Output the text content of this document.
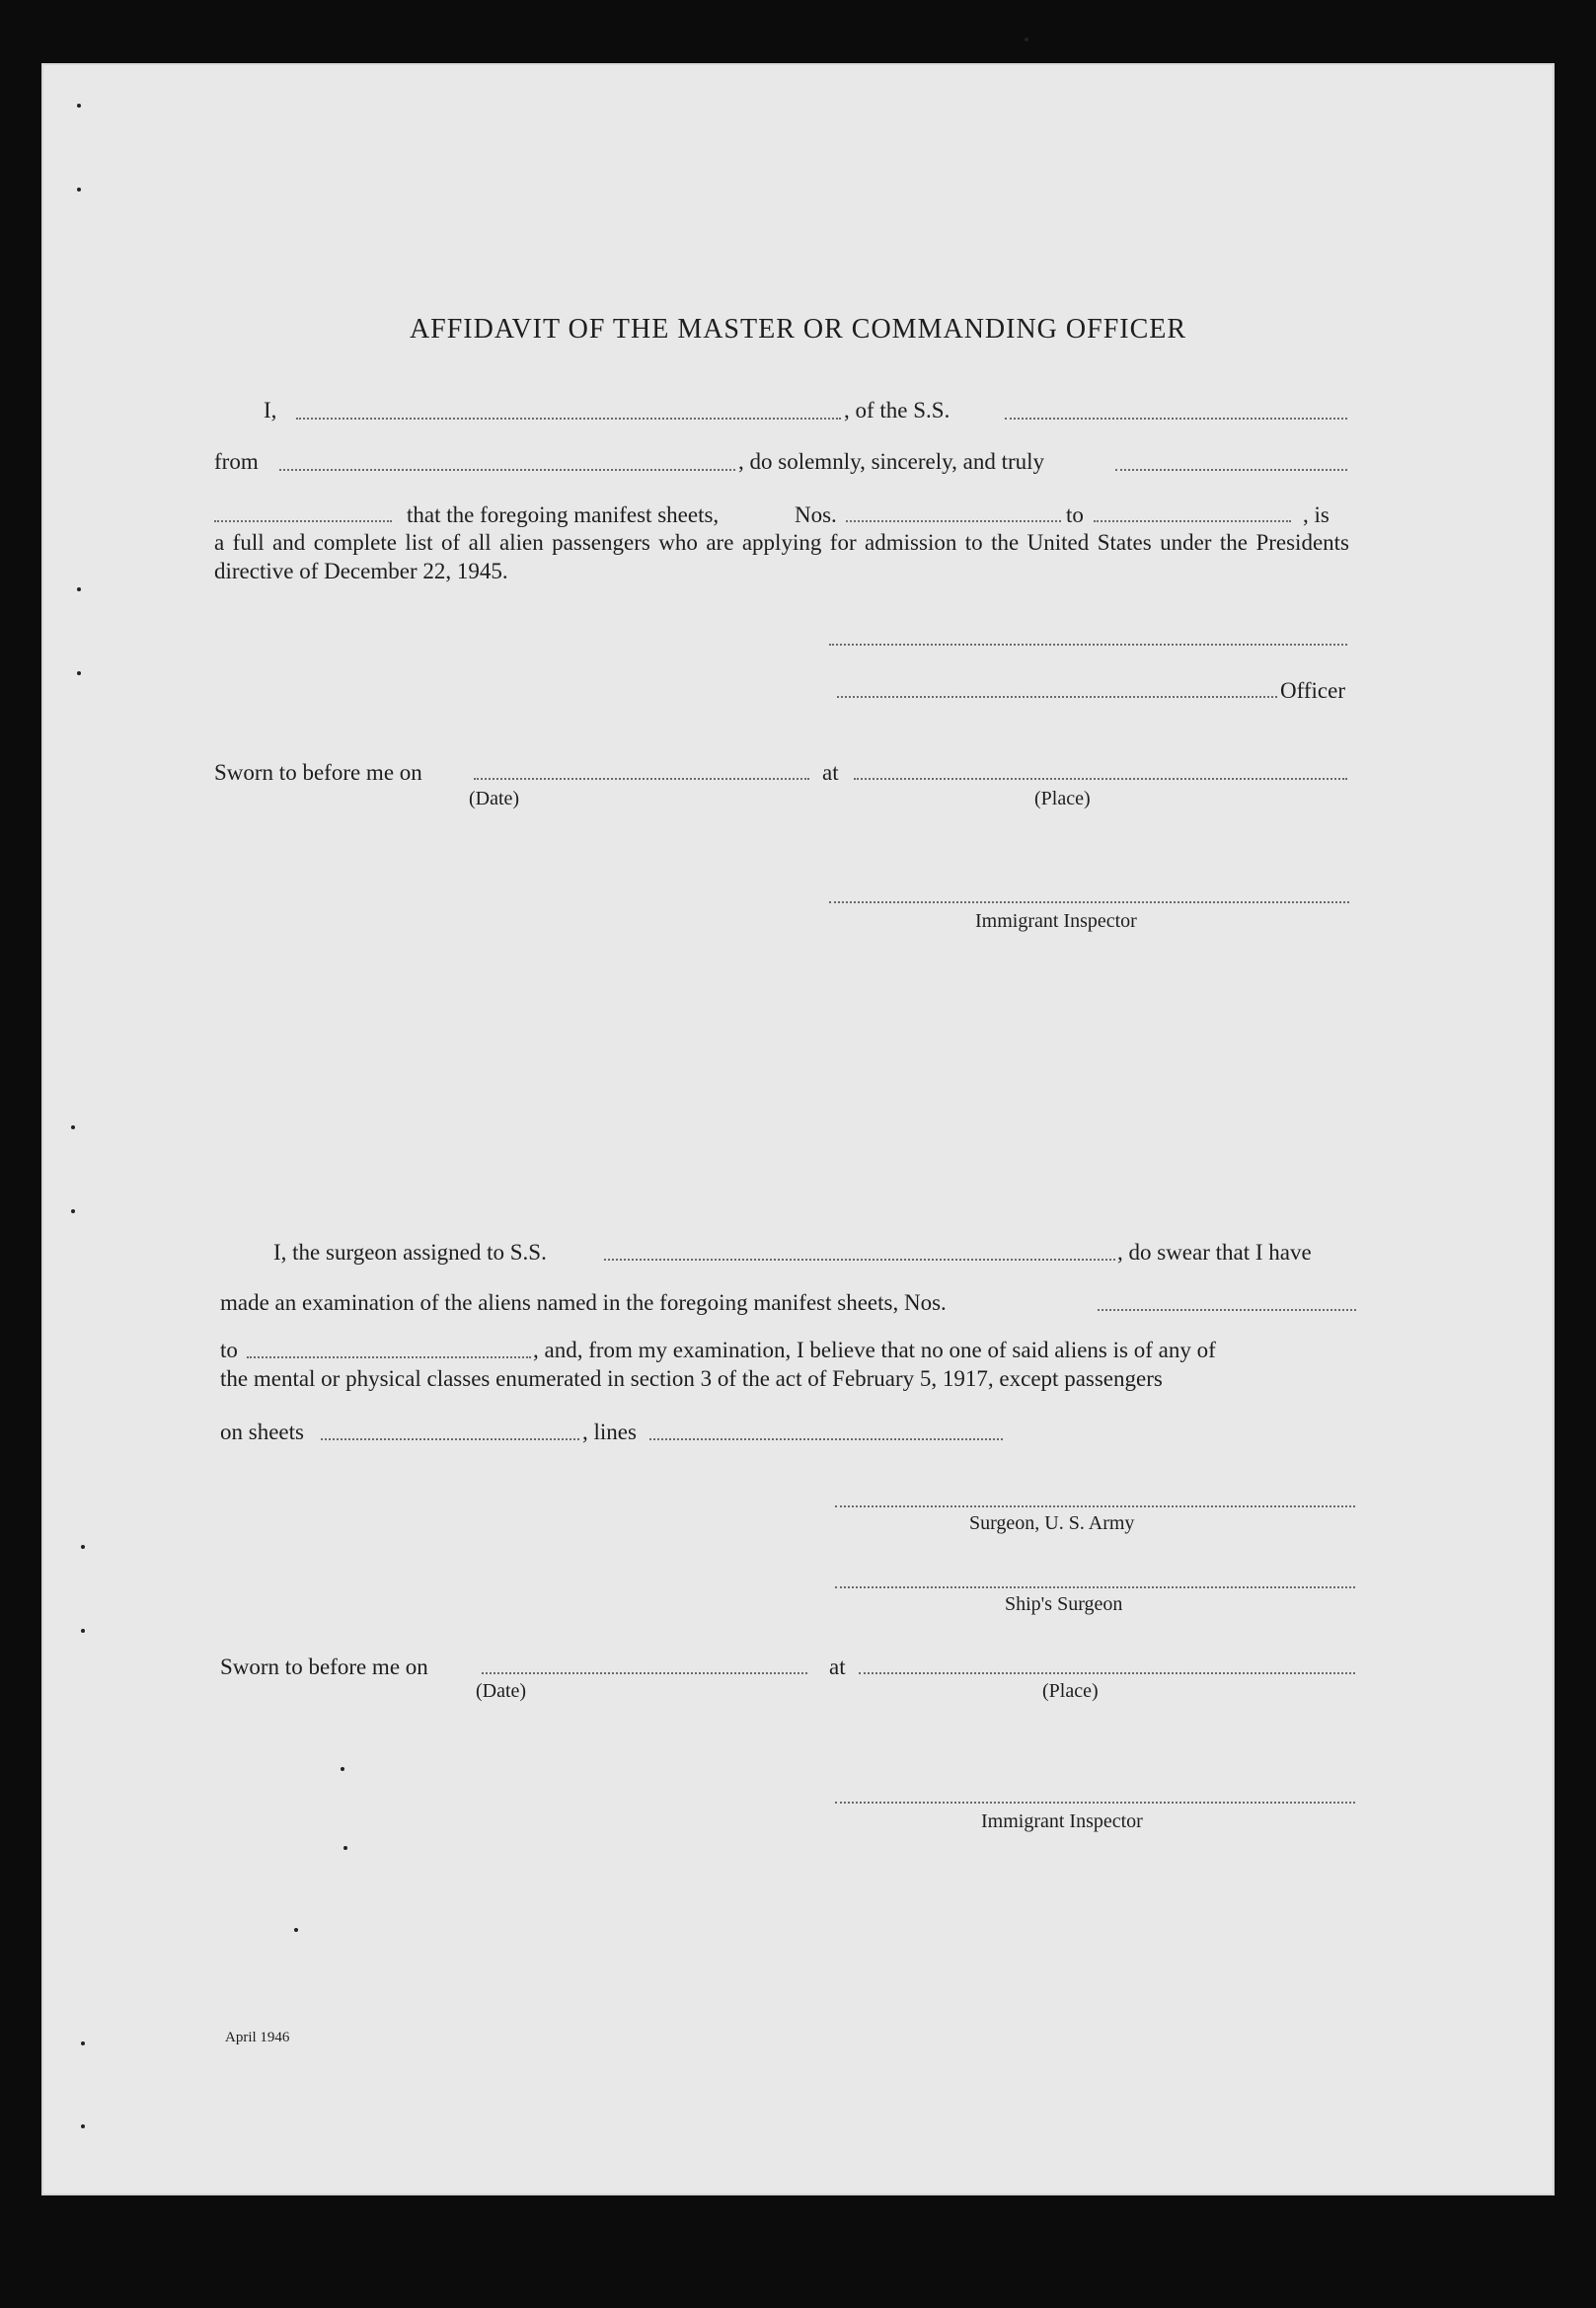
AFFIDAVIT OF THE MASTER OR COMMANDING OFFICER
I,	, of the S.S.
from	, do solemnly, sincerely, and truly
that the foregoing manifest sheets,	Nos.	to	, is
a full and complete list of all alien passengers who are applying for admission to the United States under the Presidents directive of December 22, 1945.
Officer
Sworn to before me on	at
(Date)	(Place)
Immigrant Inspector
I, the surgeon assigned to S.S.	, do swear that I have
made an examination of the aliens named in the foregoing manifest sheets, Nos.
to	, and, from my examination, I believe that no one of said aliens is of any of
the mental or physical classes enumerated in section 3 of the act of February 5, 1917, except passengers
on sheets	, lines
Surgeon, U. S. Army
Ship's Surgeon
Sworn to before me on	at
(Date)	(Place)
Immigrant Inspector
April 1946
